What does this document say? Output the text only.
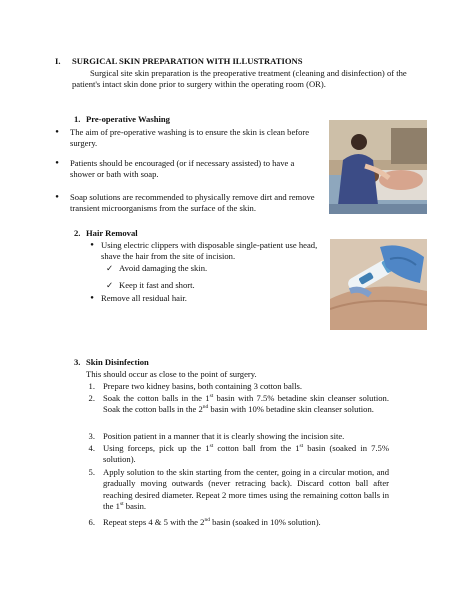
I. SURGICAL SKIN PREPARATION WITH ILLUSTRATIONS
Surgical site skin preparation is the preoperative treatment (cleaning and disinfection) of the patient's intact skin done prior to surgery within the operating room (OR).
1. Pre-operative Washing
● The aim of pre-operative washing is to ensure the skin is clean before surgery.
● Patients should be encouraged (or if necessary assisted) to have a shower or bath with soap.
● Soap solutions are recommended to physically remove dirt and remove transient microorganisms from the surface of the skin.
2. Hair Removal
● Using electric clippers with disposable single-patient use head, shave the hair from the site of incision.
✓ Avoid damaging the skin.
✓ Keep it fast and short.
● Remove all residual hair.
3. Skin Disinfection
This should occur as close to the point of surgery.
1. Prepare two kidney basins, both containing 3 cotton balls.
2. Soak the cotton balls in the 1st basin with 7.5% betadine skin cleanser solution. Soak the cotton balls in the 2nd basin with 10% betadine skin cleanser solution.
3. Position patient in a manner that it is clearly showing the incision site.
4. Using forceps, pick up the 1st cotton ball from the 1st basin (soaked in 7.5% solution).
5. Apply solution to the skin starting from the center, going in a circular motion, and gradually moving outwards (never retracing back). Discard cotton ball after reaching desired diameter. Repeat 2 more times using the remaining cotton balls in the 1st basin.
6. Repeat steps 4 & 5 with the 2nd basin (soaked in 10% solution).
